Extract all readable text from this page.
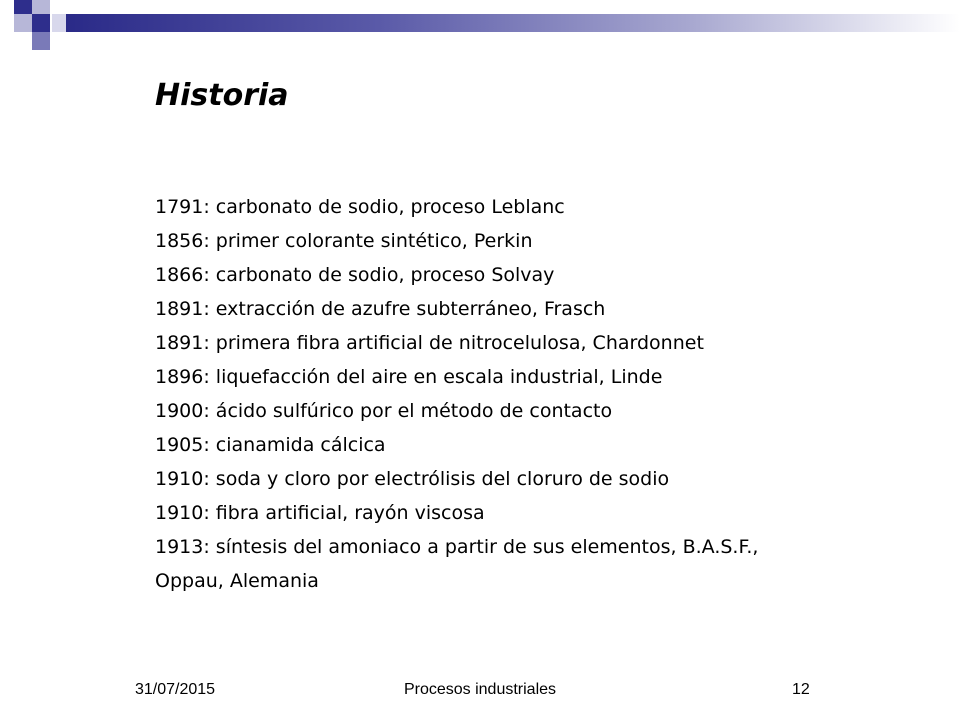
Historia
1791: carbonato de sodio, proceso Leblanc
1856: primer colorante sintético, Perkin
1866: carbonato de sodio, proceso Solvay
1891: extracción de azufre subterráneo, Frasch
1891: primera fibra artificial de nitrocelulosa, Chardonnet
1896: liquefacción del aire en escala industrial, Linde
1900: ácido sulfúrico por el método de contacto
1905: cianamida cálcica
1910: soda y cloro por electrólisis del cloruro de sodio
1910: fibra artificial, rayón viscosa
1913: síntesis del amoniaco a partir de sus elementos, B.A.S.F.,
Oppau, Alemania
31/07/2015	Procesos industriales	12
